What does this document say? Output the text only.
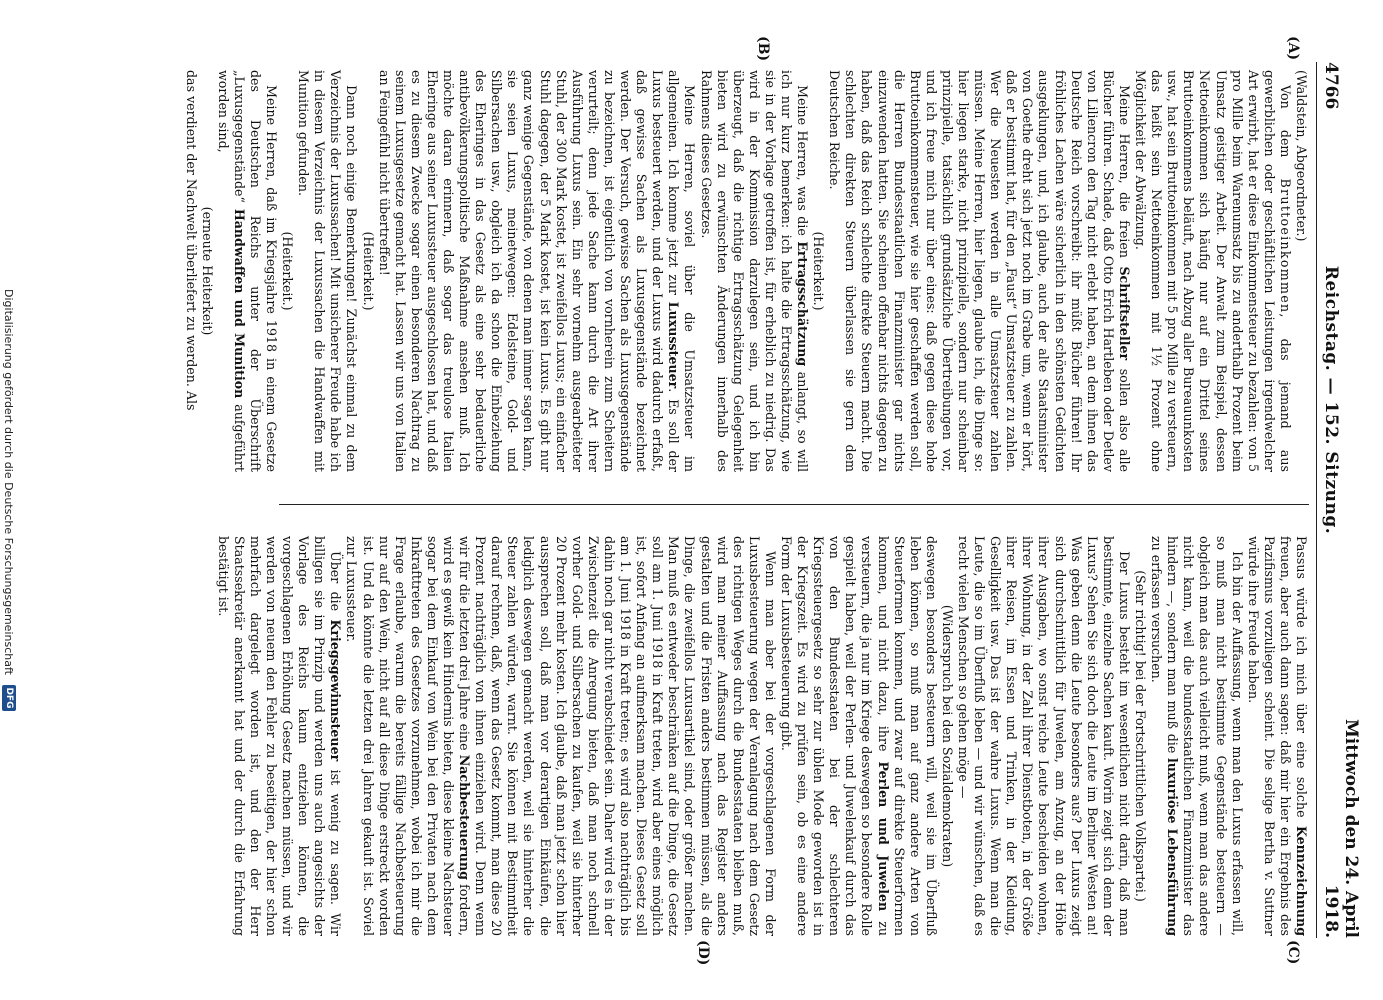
4766
Reichstag. — 152. Sitzung.
Mittwoch den 24. April 1918.
(A)
(B)
(C)
(D)

(Waldstein, Abgeordneter.)

Von dem Bruttoeinkommen, das jemand aus gewerblichen oder geschäftlichen Leistungen irgendwelcher Art erwirbt, hat er diese Einkommensteuer zu bezahlen: von 5 pro Mille beim Warenumsatz bis zu anderthalb Prozent beim Umsatz geistiger Arbeit. Der Anwalt zum Beispiel, dessen Nettoeinkommen sich häufig nur auf ein Drittel seines Bruttoeinkommens beläuft, nach Abzug aller Bureauunkosten usw., hat sein Bruttoeinkommen mit 5 pro Mille zu versteuern, das heißt sein Nettoeinkommen mit 1½ Prozent ohne Möglichkeit der Abwälzung.

Meine Herren, die freien Schriftsteller sollen also alle Bücher führen. Schade, daß Otto Erich Hartleben oder Detlev von Liliencron den Tag nicht erlebt haben, an dem ihnen das Deutsche Reich vorschreibt: ihr müßt Bücher führen! Ihr fröhliches Lachen wäre sicherlich in den schönsten Gedichten ausgeklungen, und, ich glaube, auch der alte Staatsminister von Goethe dreht sich jetzt noch im Grabe um, wenn er hört, daß er bestimmt hat, für den „Faust“ Umsatzsteuer zu zahlen. Wer die Neuesten werden in alle Umsatzsteuer zahlen müssen. Meine Herren, hier liegen, glaube ich, die Dinge so: hier liegen starke, nicht prinzipielle, sondern nur scheinbar prinzipielle, tatsächlich grundsätzliche Übertreibungen vor, und ich freue mich nur über eines: daß gegen diese hohe Bruttoeinkommensteuer, wie sie hier geschaffen werden soll, die Herren Bundesstaatlichen Finanzminister gar nichts einzuwenden hatten. Sie scheinen offenbar nichts dagegen zu haben, daß das Reich schlechte direkte Steuern macht. Die schlechten direkten Steuern überlassen sie gern dem Deutschen Reiche.

(Heiterkeit.)

Meine Herren, was die Ertragsschätzung anlangt, so will ich nur kurz bemerken: ich halte die Ertragsschätzung, wie sie in der Vorlage getroffen ist, für erheblich zu niedrig. Das wird in der Kommission darzulegen sein, und ich bin überzeugt, daß die richtige Ertragsschätzung Gelegenheit bieten wird zu erwünschten Änderungen innerhalb des Rahmens dieses Gesetzes.

Meine Herren, soviel über die Umsatzsteuer im allgemeinen. Ich komme jetzt zur Luxussteuer. Es soll der Luxus besteuert werden, und der Luxus wird dadurch erfaßt, daß gewisse Sachen als Luxusgegenstände bezeichnet werden. Der Versuch, gewisse Sachen als Luxusgegenstände zu bezeichnen, ist eigentlich von vornherein zum Scheitern verurteilt; denn jede Sache kann durch die Art ihrer Ausführung Luxus sein. Ein sehr vornehm ausgearbeiteter Stuhl, der 300 Mark kostet, ist zweifellos Luxus; ein einfacher Stuhl dagegen, der 5 Mark kostet, ist kein Luxus. Es gibt nur ganz wenige Gegenstände, von denen man immer sagen kann, sie seien Luxus, meinetwegen: Edelsteine, Gold- und Silbersachen usw., obgleich ich da schon die Einbeziehung des Eheringes in das Gesetz als eine sehr bedauerliche antibevölkerungspolitische Maßnahme ansehen muß. Ich möchte daran erinnern, daß sogar das treulose Italien Eheringe aus seiner Luxussteuer ausgeschlossen hat, und daß es zu diesem Zwecke sogar einen besonderen Nachtrag zu seinem Luxusgesetze gemacht hat. Lassen wir uns von Italien an Feingefühl nicht übertreffen!

(Heiterkeit.)

Dann noch einige Bemerkungen! Zunächst einmal zu dem Verzeichnis der Luxussachen! Mit unsicherer Freude habe ich in diesem Verzeichnis der Luxussachen die Handwaffen mit Munition gefunden.

(Heiterkeit.)

Meine Herren, daß im Kriegsjahre 1918 in einem Gesetze des Deutschen Reichs unter der Überschrift „Luxusgegenstände“ Handwaffen und Munition aufgeführt worden sind,

(erneute Heiterkeit)

das verdient der Nachwelt überliefert zu werden. Als

Passus würde ich mich über eine solche Kennzeichnung freuen, aber auch dann sagen: daß mir hier ein Ergebnis des Pazifismus vorzuliegen scheint. Die selige Bertha v. Suttner würde ihre Freude haben.

Ich bin der Auffassung, wenn man den Luxus erfassen will, so muß man nicht bestimmte Gegenstände besteuern — obgleich man das auch vielleicht muß, wenn man das andere nicht kann, weil die bundesstaatlichen Finanzminister das hindern —, sondern man muß die luxuriöse Lebensführung zu erfassen versuchen.

(Sehr richtig! bei der Fortschrittlichen Volkspartei.)

Der Luxus besteht im wesentlichen nicht darin, daß man bestimmte, einzelne Sachen kauft. Worin zeigt sich denn der Luxus? Sehen Sie sich doch die Leute im Berliner Westen an! Was geben denn die Leute besonders aus? Der Luxus zeigt sich durchschnittlich für Juwelen, am Anzug, an der Höhe ihrer Ausgaben, wo sonst reiche Leute bescheiden wohnen, ihrer Wohnung, in der Zahl ihrer Dienstboten, in der Größe ihrer Reisen, im Essen und Trinken, in der Kleidung, Geselligkeit usw. Das ist der wahre Luxus. Wenn man die Leute, die so im Überfluß leben — und wir wünschen, daß es recht vielen Menschen so gehen möge —

(Widerspruch bei den Sozialdemokraten)

deswegen besonders besteuern will, weil sie im Überfluß leben können, so muß man auf ganz andere Arten von Steuerformen kommen, und zwar auf direkte Steuerformen kommen, und nicht dazu, ihre Perlen und Juwelen zu versteuern, die ja nur im Kriege deswegen so besondere Rolle gespielt haben, weil der Perlen- und Juwelenkauf durch das von den Bundesstaaten bei der schlechteren Kriegssteuergesetz so sehr zur üblen Mode geworden ist in der Kriegszeit. Es wird zu prüfen sein, ob es eine andere Form der Luxusbesteuerung gibt.

Wenn man aber bei der vorgeschlagenen Form der Luxusbesteuerung wegen der Veranlagung nach dem Gesetz des richtigen Weges durch die Bundesstaaten bleiben muß, wird man meiner Auffassung nach das Register anders gestalten und die Fristen anders bestimmen müssen, als die Dinge, die zweifellos Luxusartikel sind, oder größer machen. Man muß es entweder beschränken auf die Dinge, die Gesetz soll am 1. Juni 1918 in Kraft treten, wird aber eines möglich ist, sofort Anfang an aufmerksam machen. Dieses Gesetz soll am 1. Juni 1918 in Kraft treten; es wird also nachträglich bis dahin noch gar nicht verabschiedet sein. Daher wird es in der Zwischenzeit die Anregung bieten, daß man noch schnell vorher Gold- und Silbersachen zu kaufen, weil sie hinterher 20 Prozent mehr kosten. Ich glaube, daß man jetzt schon hier aussprechen soll, daß man vor derartigen Einkäufen, die lediglich deswegen gemacht werden, weil sie hinterher die Steuer zahlen würden, warnt. Sie können mit Bestimmtheit darauf rechnen, daß, wenn das Gesetz kommt, man diese 20 Prozent nachträglich von ihnen einziehen wird. Denn wenn wir für die letzten drei Jahre eine Nachbesteuerung fordern, wird es gewiß kein Hindernis bieten, diese kleine Nachsteuer sogar bei dem Einkauf von Wein bei den Privaten nach dem Inkrafttreten des Gesetzes vorzunehmen, wobei ich mir die Frage erlaube, warum die bereits fällige Nachbesteuerung nur auf den Wein, nicht auf all diese Dinge erstreckt worden ist. Und da könnte die letzten drei Jahren gekauft ist. Soviel zur Luxussteuer.

Über die Kriegsgewinnsteuer ist wenig zu sagen. Wir billigen sie im Prinzip und werden uns auch angesichts der Vorlage des Reichs kaum entziehen können, die vorgeschlagenen Erhöhung Gesetz machen müssen, und wir werden von neuem den Fehler zu beseitigen, der hier schon mehrfach dargelegt worden ist, und den der Herr Staatssekretär anerkannt hat und der durch die Erfahrung bestätigt ist.

Digitalisierung gefördert durch die Deutsche Forschungsgemeinschaft
DFG
